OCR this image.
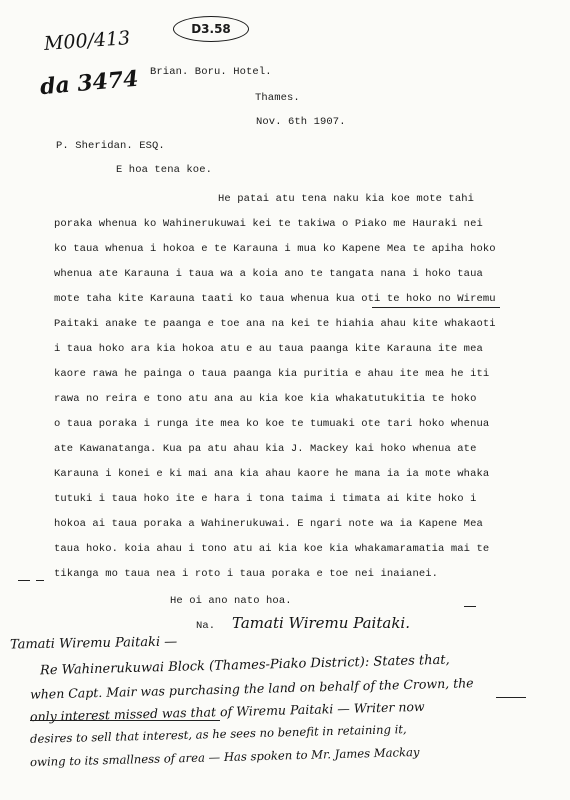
M00/413
da 3474
D3.58
Brian. Boru. Hotel.
Thames.
Nov. 6th 1907.
P. Sheridan. ESQ.
E hoa tena koe.
He patai atu tena naku kia koe mote tahi
poraka whenua ko Wahinerukuwai kei te takiwa o Piako me Hauraki nei
ko taua whenua i hokoa e te Karauna i mua ko Kapene Mea te apiha hoko
whenua ate Karauna i taua wa a koia ano te tangata nana i hoko taua
mote taha kite Karauna taati ko taua whenua kua oti te hoko no Wiremu
Paitaki anake te paanga e toe ana na kei te hiahia ahau kite whakaoti
i taua hoko ara kia hokoa atu e au taua paanga kite Karauna ite mea
kaore rawa he painga o taua paanga kia puritia e ahau ite mea he iti
rawa no reira e tono atu ana au kia koe kia whakatutukitia te hoko
o taua poraka i runga ite mea ko koe te tumuaki ote tari hoko whenua
ate Kawanatanga. Kua pa atu ahau kia J. Mackey kai hoko whenua ate
Karauna i konei e ki mai ana kia ahau kaore he mana ia ia mote whaka
tutuki i taua hoko ite e hara i tona taima i timata ai kite hoko i
hokoa ai taua poraka a Wahinerukuwai. E ngari note wa ia Kapene Mea
taua hoko. koia ahau i tono atu ai kia koe kia whakamaramatia mai te
tikanga mo taua nea i roto i taua poraka e toe nei inaianei.
He oi ano nato hoa.
Na. Tamati Wiremu Paitaki.
Tamati Wiremu Paitaki —
Re Wahinerukuwai Block (Thames-Piako District): States that,
when Capt. Mair was purchasing the land on behalf of the Crown, the
only interest missed was that of Wiremu Paitaki — Writer now
desires to sell that interest, as he sees no benefit in retaining it,
owing to its smallness of area — Has spoken to Mr. James Mackay
